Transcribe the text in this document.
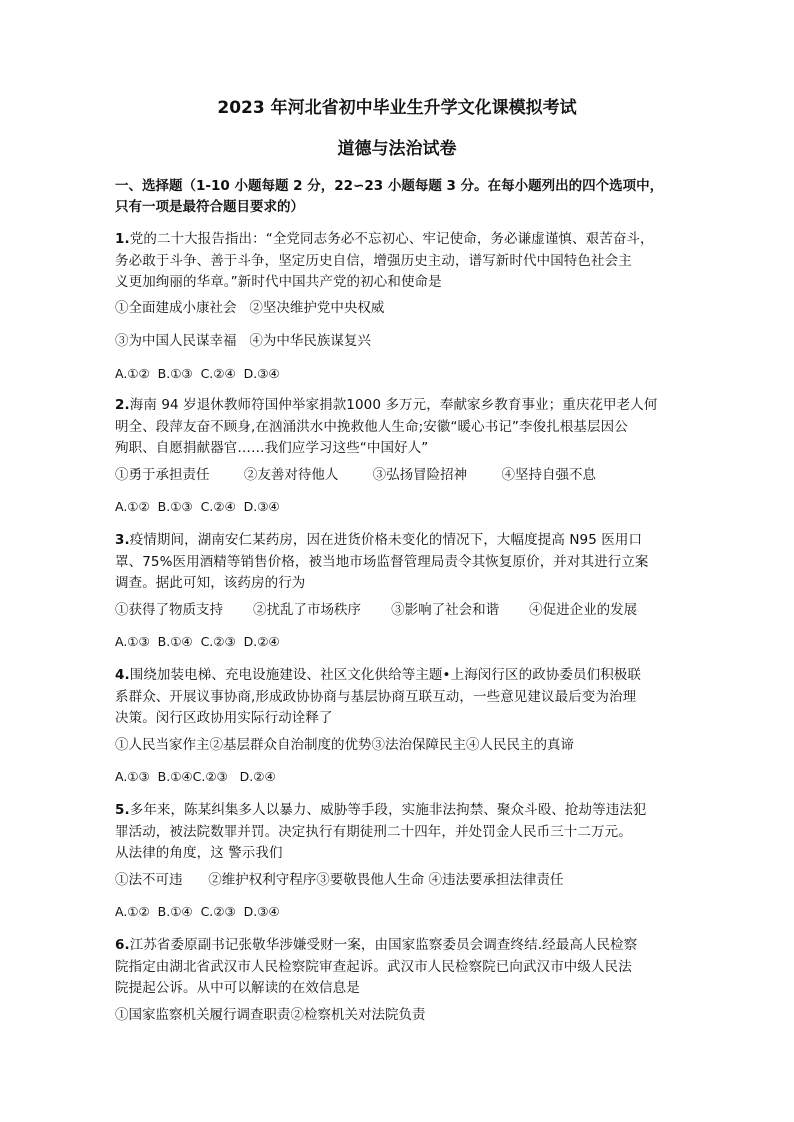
2023 年河北省初中毕业生升学文化课模拟考试
道德与法治试卷
一、选择题（1-10 小题每题 2 分，22∽23 小题每题 3 分。在每小题列出的四个选项中，
只有一项是最符合题目要求的）
1.党的二十大报告指出：“全党同志务必不忘初心、牢记使命，务必谦虚谨慎、艰苦奋斗，
务必敢于斗争、善于斗争，坚定历史自信，增强历史主动，谱写新时代中国特色社会主
义更加绚丽的华章。”新时代中国共产党的初心和使命是
①全面建成小康社会   ②坚决维护党中央权威
③为中国人民谋幸福   ④为中华民族谋复兴
A.①②  B.①③  C.②④  D.③④
2.海南 94 岁退休教师符国仲举家捐款1000 多万元，奉献家乡教育事业；重庆花甲老人何
明全、段萍友奋不顾身,在汹涌洪水中挽救他人生命;安徽“暖心书记”李俊扎根基层因公
殉职、自愿捐献器官……我们应学习这些“中国好人”
①勇于承担责任        ②友善对待他人        ③弘扬冒险招神        ④坚持自强不息
A.①②  B.①③  C.②④  D.③④
3.疫情期间，湖南安仁某药房，因在进货价格未变化的情况下，大幅度提高 N95 医用口
罩、75%医用酒精等销售价格，被当地市场监督管理局责令其恢复原价，并对其进行立案
调查。据此可知，该药房的行为
①获得了物质支持       ②扰乱了市场秩序       ③影响了社会和谐       ④促进企业的发展
A.①③  B.①④  C.②③  D.②④
4.围绕加装电梯、充电设施建设、社区文化供给等主题•上海闵行区的政协委员们积极联
系群众、开展议事协商,形成政协协商与基层协商互联互动，一些意见建议最后变为治理
决策。闵行区政协用实际行动诠释了
①人民当家作主②基层群众自治制度的优势③法治保障民主④人民民主的真谛
A.①③  B.①④C.②③   D.②④
5.多年来，陈某纠集多人以暴力、威胁等手段，实施非法拘禁、聚众斗殴、抢劫等违法犯
罪活动，被法院数罪并罚。决定执行有期徒刑二十四年，并处罚金人民币三十二万元。
从法律的角度，这 警示我们
①法不可违      ②维护权利守程序③要敬畏他人生命 ④违法要承担法律责任
A.①②  B.①④  C.②③  D.③④
6.江苏省委原副书记张敬华涉嫌受财一案，由国家监察委员会调查终结.经最高人民检察
院指定由湖北省武汉市人民检察院审查起诉。武汉市人民检察院已向武汉市中级人民法
院提起公诉。从中可以解读的在效信息是
①国家监察机关履行调查职责②检察机关对法院负责
